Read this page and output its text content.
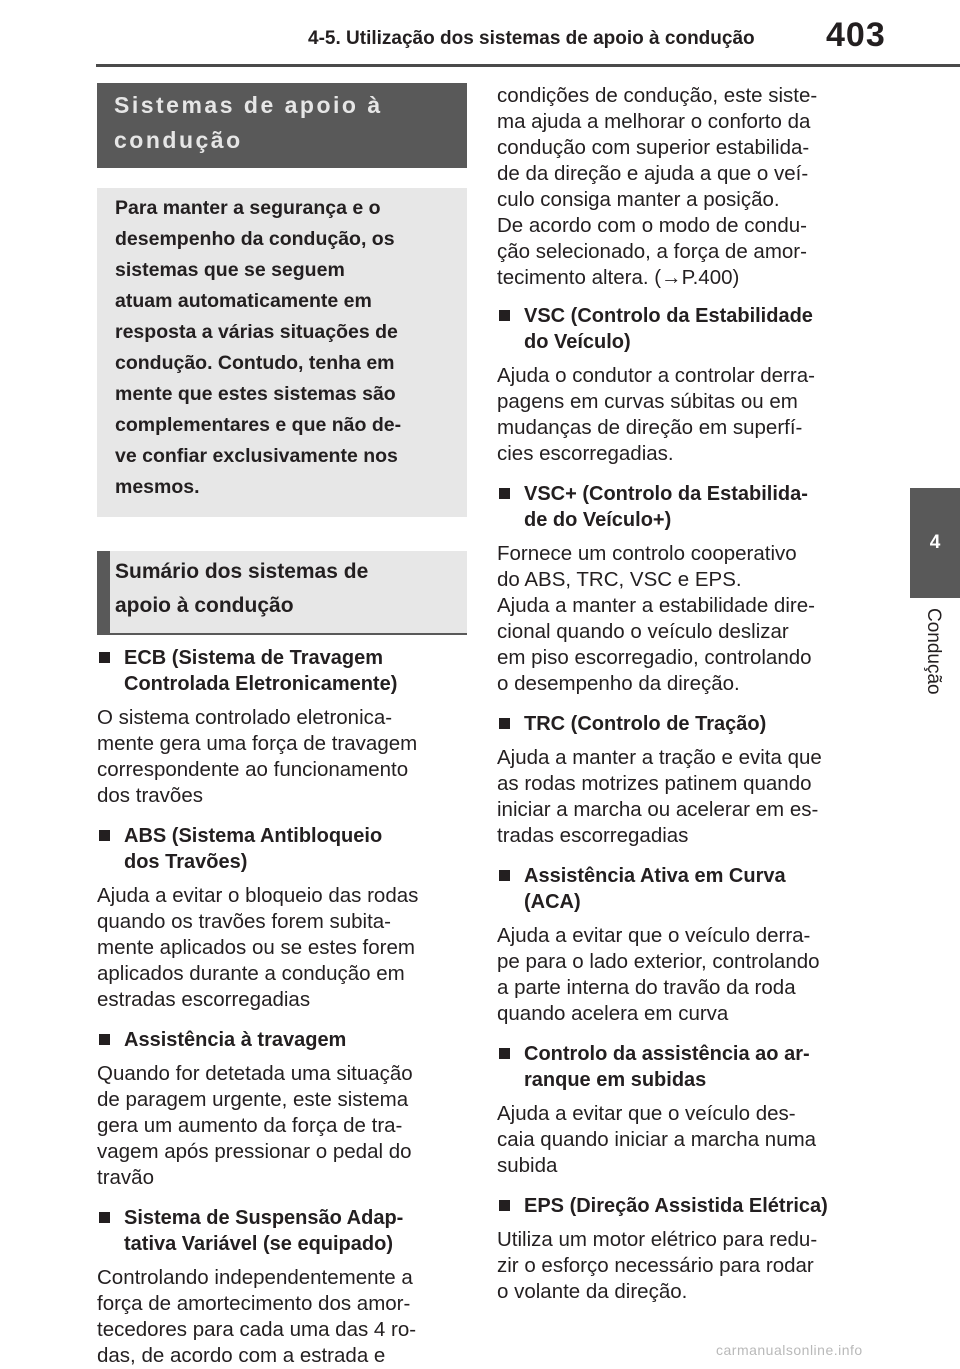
4-5. Utilização dos sistemas de apoio à condução 403
4
Condução
Sistemas de apoio à
condução
Para manter a segurança e o
desempenho da condução, os
sistemas que se seguem
atuam automaticamente em
resposta a várias situações de
condução. Contudo, tenha em
mente que estes sistemas são
complementares e que não de-
ve confiar exclusivamente nos
mesmos.
Sumário dos sistemas de
apoio à condução
ECB (Sistema de Travagem
Controlada Eletronicamente)
O sistema controlado eletronica-
mente gera uma força de travagem
correspondente ao funcionamento
dos travões
ABS (Sistema Antibloqueio
dos Travões)
Ajuda a evitar o bloqueio das rodas
quando os travões forem subita-
mente aplicados ou se estes forem
aplicados durante a condução em
estradas escorregadias
Assistência à travagem
Quando for detetada uma situação
de paragem urgente, este sistema
gera um aumento da força de tra-
vagem após pressionar o pedal do
travão
Sistema de Suspensão Adap-
tativa Variável (se equipado)
Controlando independentemente a
força de amortecimento dos amor-
tecedores para cada uma das 4 ro-
das, de acordo com a estrada e
condições de condução, este siste-
ma ajuda a melhorar o conforto da
condução com superior estabilida-
de da direção e ajuda a que o veí-
culo consiga manter a posição.
De acordo com o modo de condu-
ção selecionado, a força de amor-
tecimento altera. (→P.400)
VSC (Controlo da Estabilidade
do Veículo)
Ajuda o condutor a controlar derra-
pagens em curvas súbitas ou em
mudanças de direção em superfí-
cies escorregadias.
VSC+ (Controlo da Estabilida-
de do Veículo+)
Fornece um controlo cooperativo
do ABS, TRC, VSC e EPS.
Ajuda a manter a estabilidade dire-
cional quando o veículo deslizar
em piso escorregadio, controlando
o desempenho da direção.
TRC (Controlo de Tração)
Ajuda a manter a tração e evita que
as rodas motrizes patinem quando
iniciar a marcha ou acelerar em es-
tradas escorregadias
Assistência Ativa em Curva
(ACA)
Ajuda a evitar que o veículo derra-
pe para o lado exterior, controlando
a parte interna do travão da roda
quando acelera em curva
Controlo da assistência ao ar-
ranque em subidas
Ajuda a evitar que o veículo des-
caia quando iniciar a marcha numa
subida
EPS (Direção Assistida Elétrica)
Utiliza um motor elétrico para redu-
zir o esforço necessário para rodar
o volante da direção.
carmanualsonline.info
